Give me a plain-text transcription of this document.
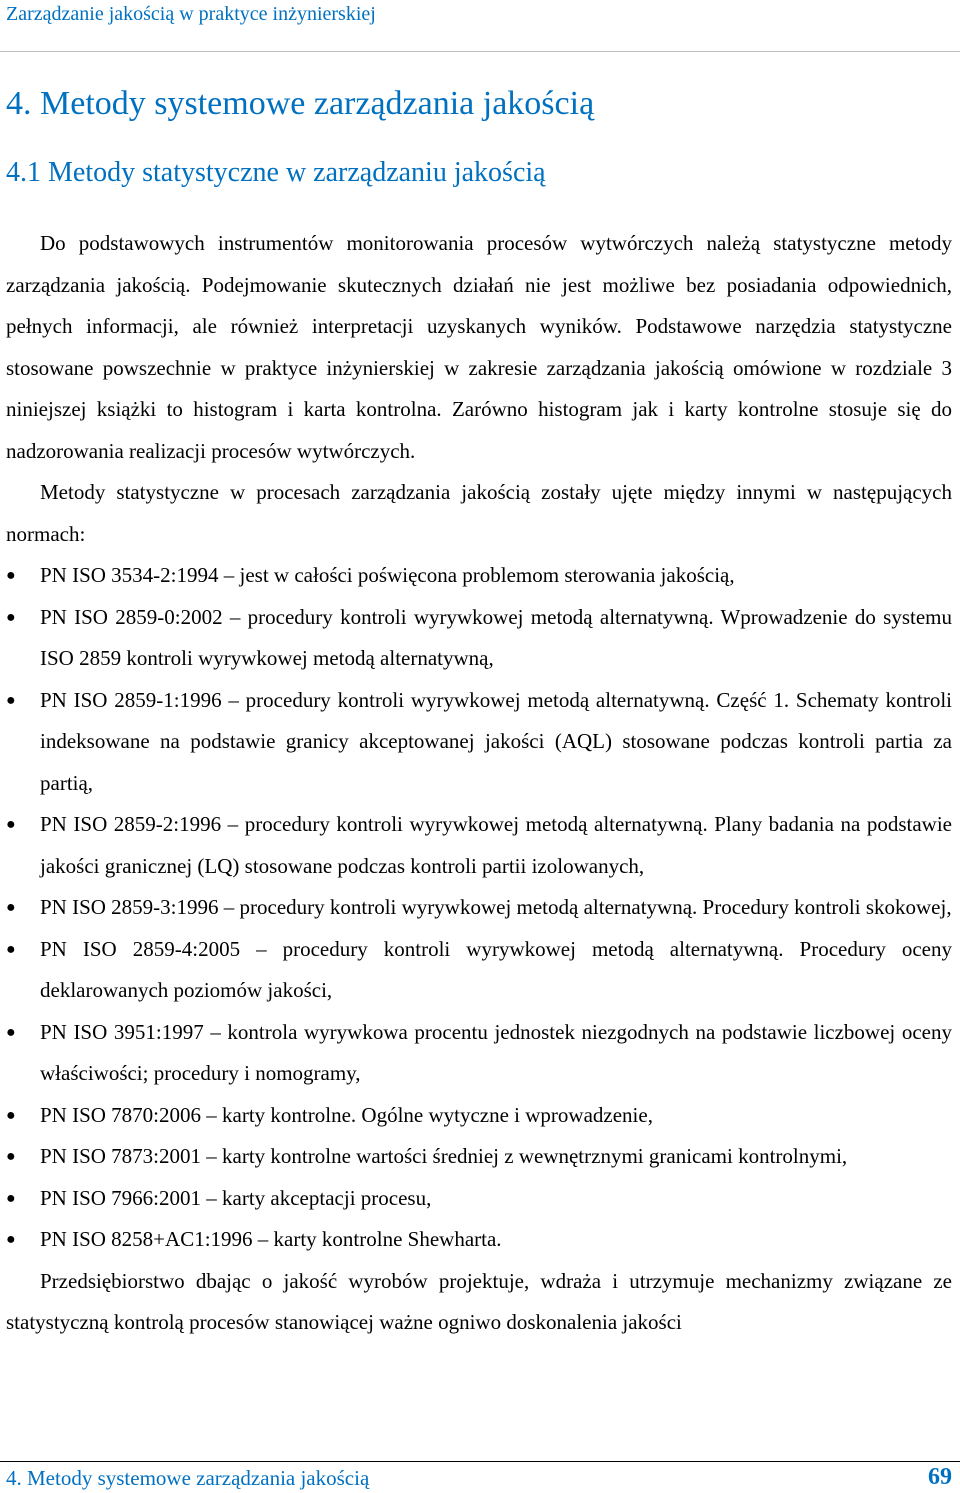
Zarządzanie jakością w praktyce inżynierskiej
4. Metody systemowe zarządzania jakością
4.1 Metody statystyczne w zarządzaniu jakością

Do podstawowych instrumentów monitorowania procesów wytwórczych należą statystyczne metody zarządzania jakością. Podejmowanie skutecznych działań nie jest możliwe bez posiadania odpowiednich, pełnych informacji, ale również interpretacji uzyskanych wyników. Podstawowe narzędzia statystyczne stosowane powszechnie w praktyce inżynierskiej w zakresie zarządzania jakością omówione w rozdziale 3 niniejszej książki to histogram i karta kontrolna. Zarówno histogram jak i karty kontrolne stosuje się do nadzorowania realizacji procesów wytwórczych.

Metody statystyczne w procesach zarządzania jakością zostały ujęte między innymi w następujących normach:

●	PN ISO 3534-2:1994 – jest w całości poświęcona problemom sterowania jakością,
●	PN ISO 2859-0:2002 – procedury kontroli wyrywkowej metodą alternatywną. Wprowadzenie do systemu ISO 2859 kontroli wyrywkowej metodą alternatywną,
●	PN ISO 2859-1:1996 – procedury kontroli wyrywkowej metodą alternatywną. Część 1. Schematy kontroli indeksowane na podstawie granicy akceptowanej jakości (AQL) stosowane podczas kontroli partia za partią,
●	PN ISO 2859-2:1996 – procedury kontroli wyrywkowej metodą alternatywną. Plany badania na podstawie jakości granicznej (LQ) stosowane podczas kontroli partii izolowanych,
●	PN ISO 2859-3:1996 – procedury kontroli wyrywkowej metodą alternatywną. Procedury kontroli skokowej,
●	PN ISO 2859-4:2005 – procedury kontroli wyrywkowej metodą alternatywną. Procedury oceny deklarowanych poziomów jakości,
●	PN ISO 3951:1997 – kontrola wyrywkowa procentu jednostek niezgodnych na podstawie liczbowej oceny właściwości; procedury i nomogramy,
●	PN ISO 7870:2006 – karty kontrolne. Ogólne wytyczne i wprowadzenie,
●	PN ISO 7873:2001 – karty kontrolne wartości średniej z wewnętrznymi granicami kontrolnymi,
●	PN ISO 7966:2001 – karty akceptacji procesu,
●	PN ISO 8258+AC1:1996 – karty kontrolne Shewharta.

Przedsiębiorstwo dbając o jakość wyrobów projektuje, wdraża i utrzymuje mechanizmy związane ze statystyczną kontrolą procesów stanowiącej ważne ogniwo doskonalenia jakości

4. Metody systemowe zarządzania jakością	69
